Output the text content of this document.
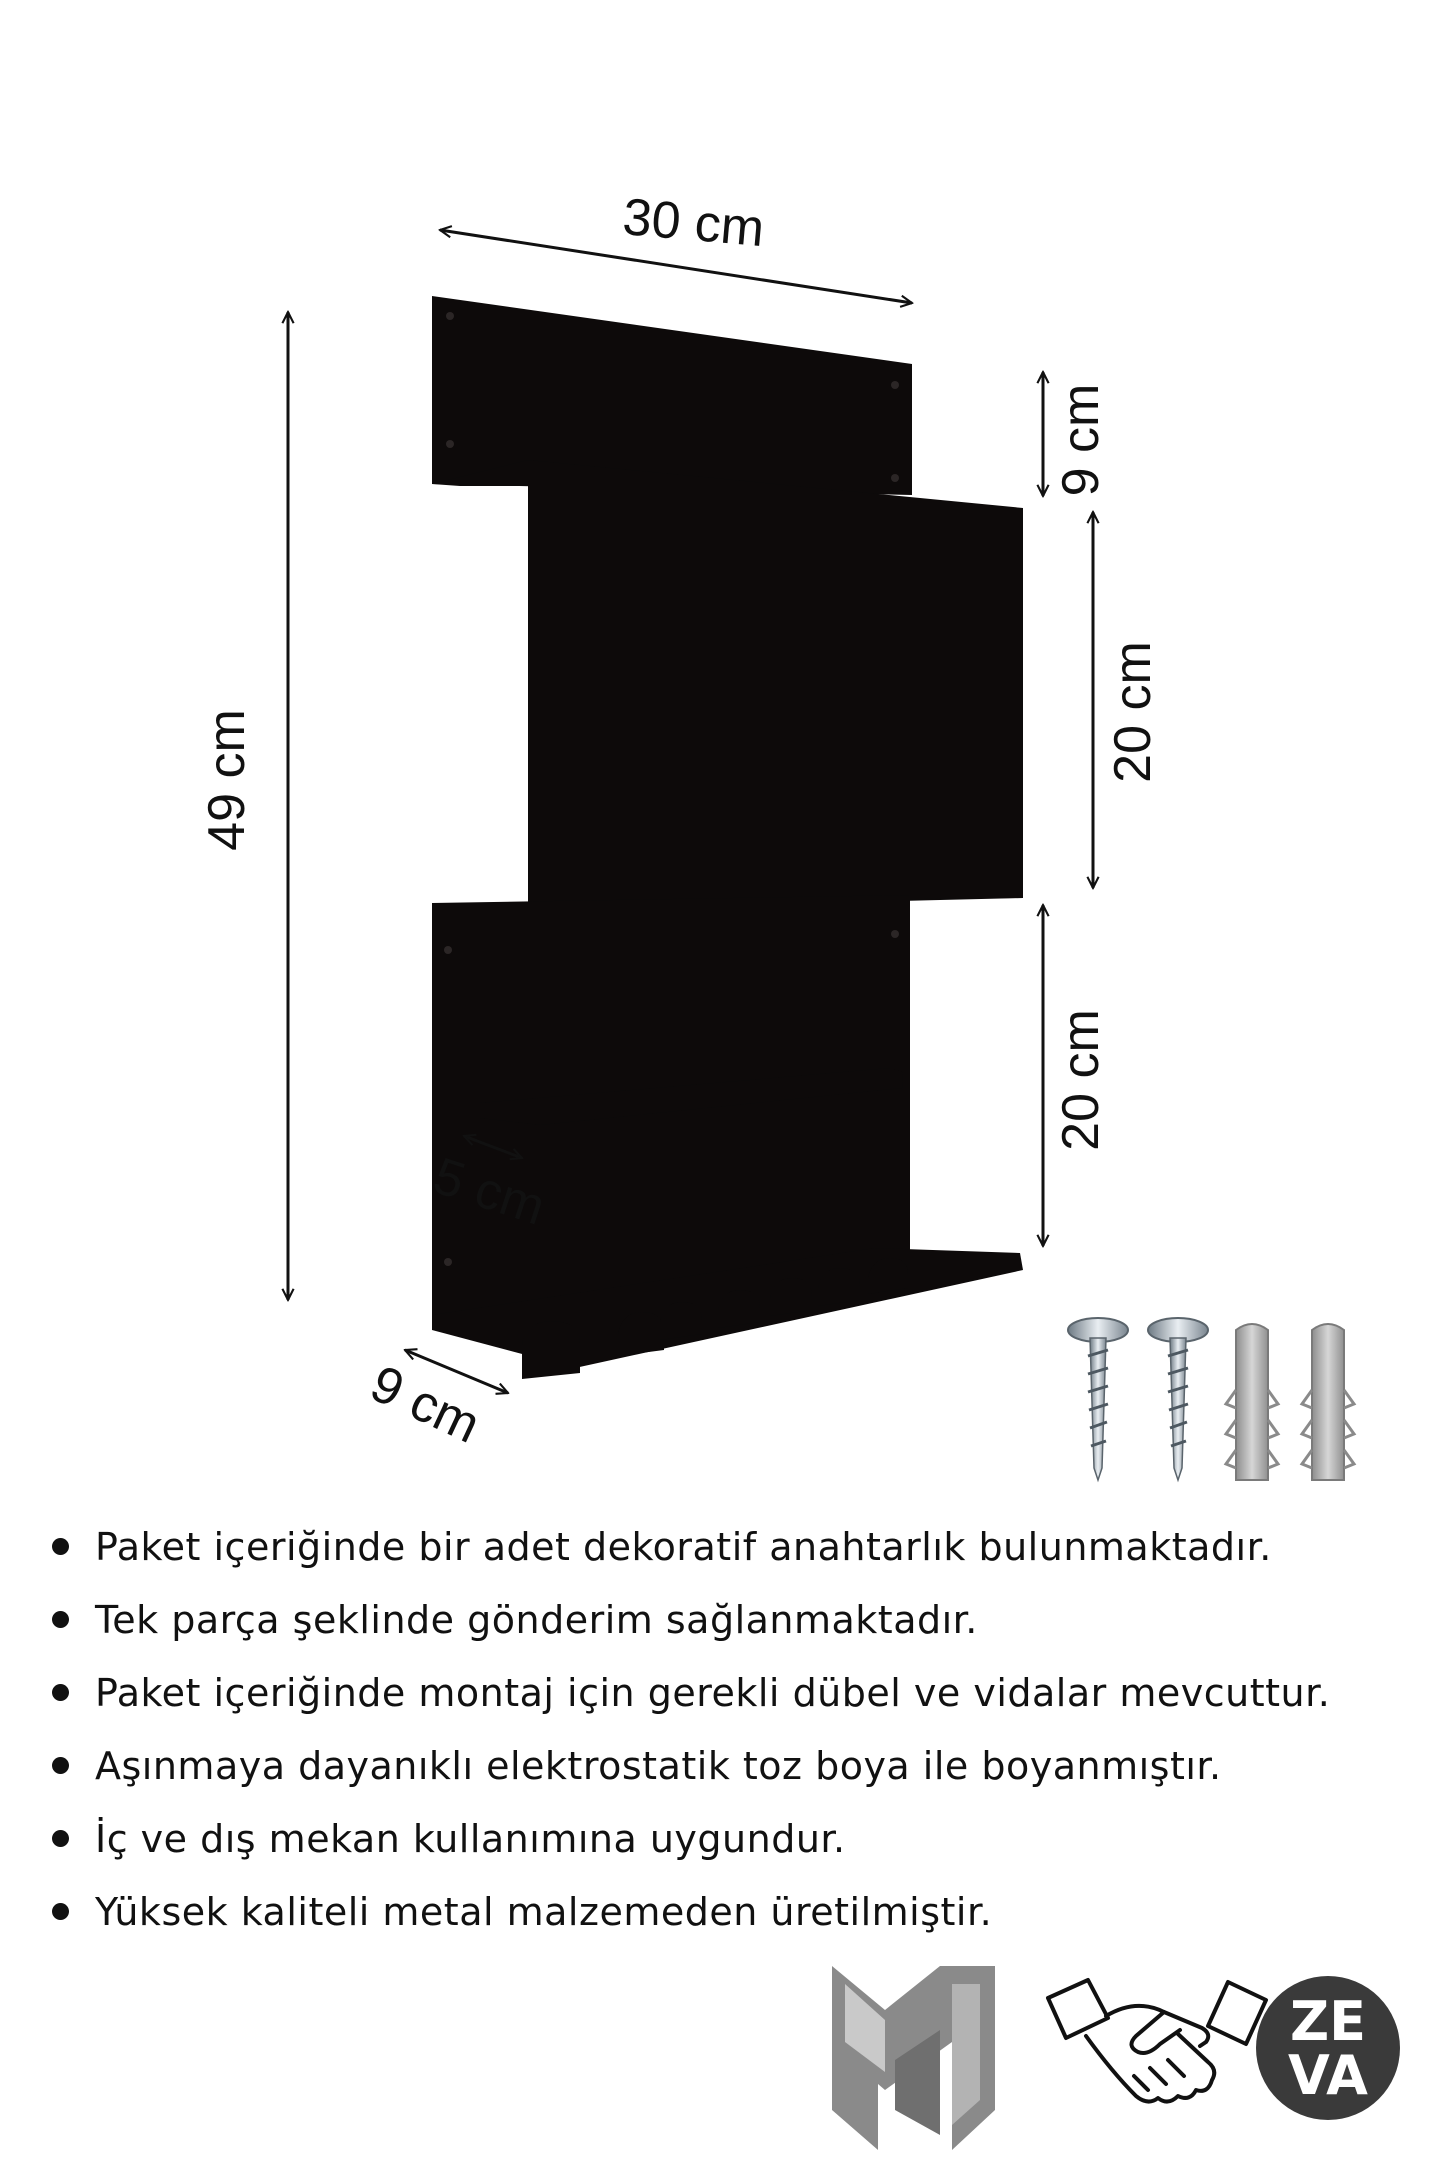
30 cm
49 cm
9 cm
20 cm
20 cm
5 cm
9 cm
Paket içeriğinde bir adet dekoratif anahtarlık bulunmaktadır.
Tek parça şeklinde gönderim sağlanmaktadır.
Paket içeriğinde montaj için gerekli dübel ve vidalar mevcuttur.
Aşınmaya dayanıklı elektrostatik toz boya ile boyanmıştır.
İç ve dış mekan kullanımına uygundur.
Yüksek kaliteli metal malzemeden üretilmiştir.
ZE
VA
